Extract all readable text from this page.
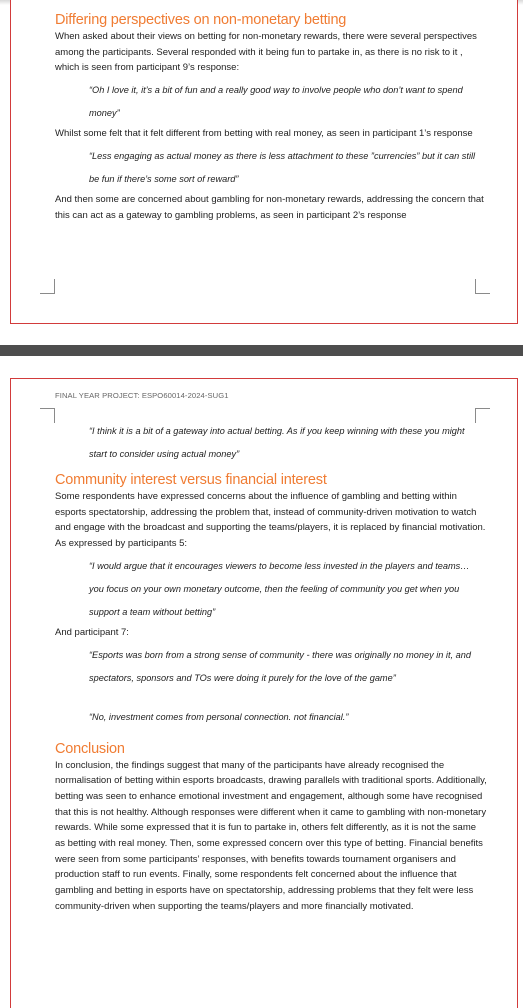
Differing perspectives on non-monetary betting

When asked about their views on betting for non-monetary rewards, there were several perspectives among the participants. Several responded with it being fun to partake in, as there is no risk to it , which is seen from participant 9’s response:

“Oh I love it, it’s a bit of fun and a really good way to involve people who don’t want to spend money”

Whilst some felt that it felt different from betting with real money, as seen in participant 1’s response

“Less engaging as actual money as there is less attachment to these ”currencies” but it can still be fun if there’s some sort of reward”

And then some are concerned about gambling for non-monetary rewards, addressing the concern that this can act as a gateway to gambling problems, as seen in participant 2’s response

FINAL YEAR PROJECT: ESPO60014-2024-SUG1

“I think it is a bit of a gateway into actual betting. As if you keep winning with these you might start to consider using actual money”

Community interest versus financial interest

Some respondents have expressed concerns about the influence of gambling and betting within esports spectatorship, addressing the problem that, instead of community-driven motivation to watch and engage with the broadcast and supporting the teams/players, it is replaced by financial motivation. As expressed by participants 5:

“I would argue that it encourages viewers to become less invested in the players and teams…you focus on your own monetary outcome, then the feeling of community you get when you support a team without betting”

And participant 7:

“Esports was born from a strong sense of community - there was originally no money in it, and spectators, sponsors and TOs were doing it purely for the love of the game”

“No, investment comes from personal connection. not financial.”

Conclusion

In conclusion, the findings suggest that many of the participants have already recognised the normalisation of betting within esports broadcasts, drawing parallels with traditional sports. Additionally, betting was seen to enhance emotional investment and engagement, although some have recognised that this is not healthy. Although responses were different when it came to gambling with non-monetary rewards. While some expressed that it is fun to partake in, others felt differently, as it is not the same as betting with real money. Then, some expressed concern over this type of betting. Financial benefits were seen from some participants’ responses, with benefits towards tournament organisers and production staff to run events. Finally, some respondents felt concerned about the influence that gambling and betting in esports have on spectatorship, addressing problems that they felt were less community-driven when supporting the teams/players and more financially motivated.
